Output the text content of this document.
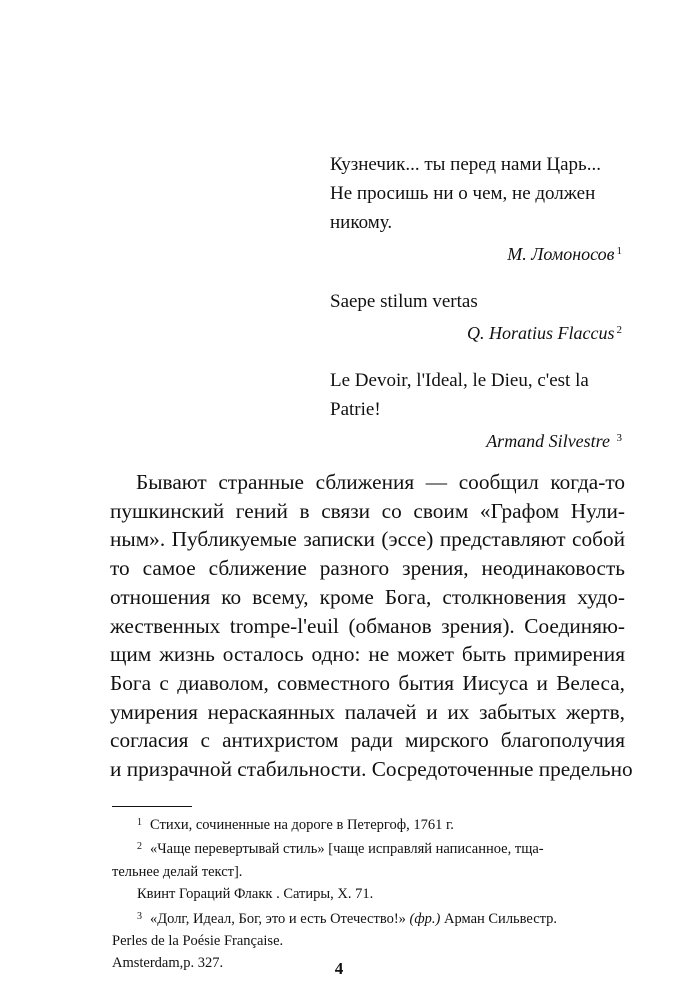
Кузнечик... ты перед нами Царь...
Не просишь ни о чем, не должен
никому.
М. Ломоносов $^1$
Saepe stilum vertas
Q. Horatius Flaccus $^2$
Le Devoir, l'Ideal, le Dieu, c'est la
Patrie!
Armand Silvestre $^3$
Бывают странные сближения — сообщил когда-то
пушкинский гений в связи со своим «Графом Нули-
ным». Публикуемые записки (эссе) представляют собой
то самое сближение разного зрения, неодинаковость
отношения ко всему, кроме Бога, столкновения худо-
жественных trompe-l'euil (обманов зрения). Соединяю-
щим жизнь осталось одно: не может быть примирения
Бога с диаволом, совместного бытия Иисуса и Велеса,
умирения нераскаянных палачей и их забытых жертв,
согласия с антихристом ради мирского благополучия
и призрачной стабильности. Сосредоточенные предельно
$^1$ Стихи, сочиненные на дороге в Петергоф, 1761 г.
$^2$ «Чаще перевертывай стиль» [чаще исправляй написанное, тща-
тельнее делай текст].
Квинт Гораций Флакк . Сатиры, Х. 71.
$^3$ «Долг, Идеал, Бог, это и есть Отечество!» (фр.) Арман Сильвестр.
Perles de la Poésie Française.
Amsterdam,p. 327.	4
